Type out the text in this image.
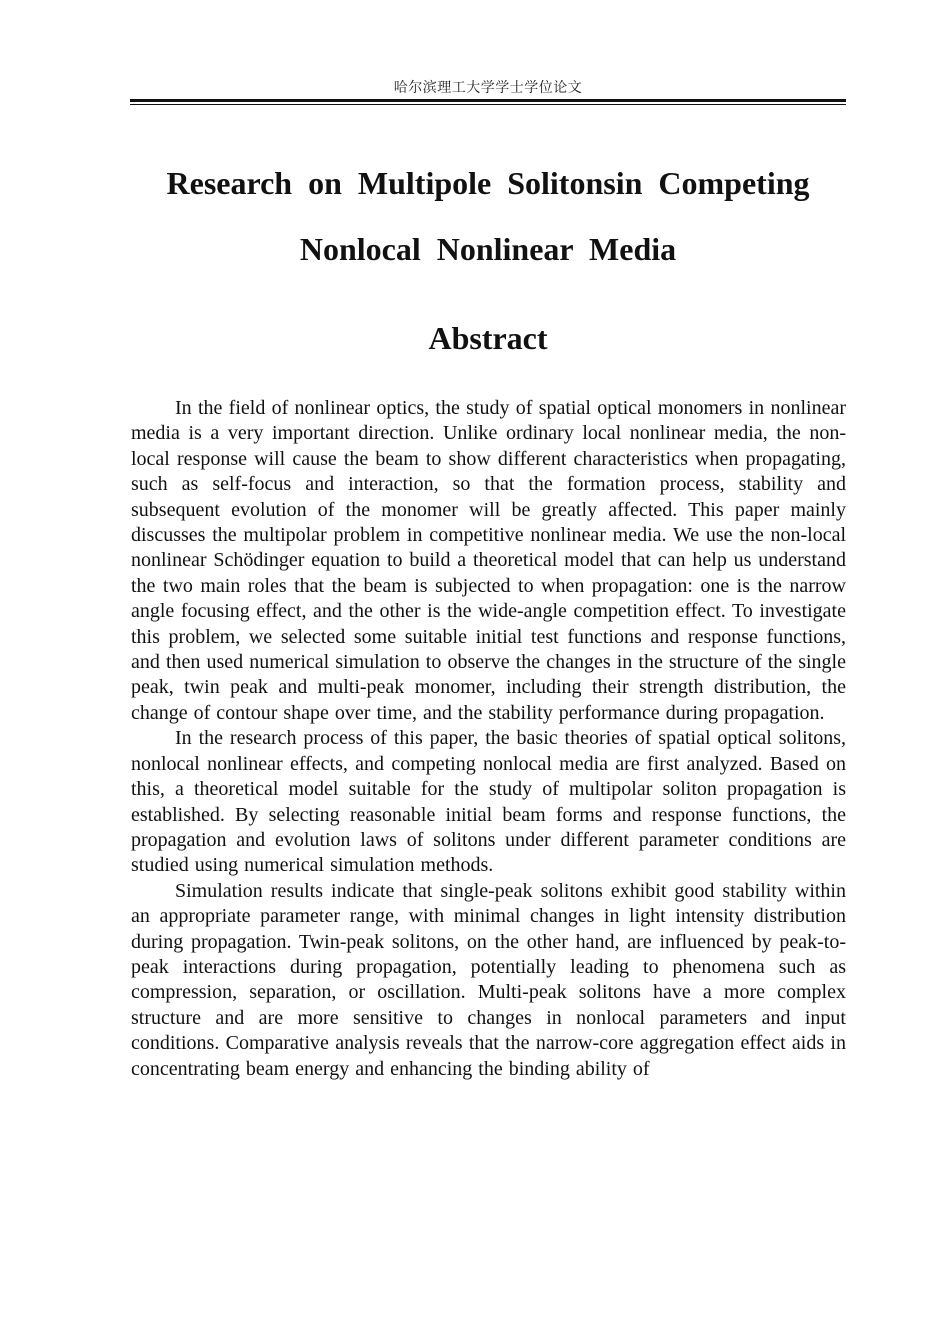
哈尔滨理工大学学士学位论文
Research on Multipole Solitonsin Competing
Nonlocal Nonlinear Media
Abstract

In the field of nonlinear optics, the study of spatial optical monomers in nonlinear media is a very important direction. Unlike ordinary local nonlinear media, the non-local response will cause the beam to show different characteristics when propagating, such as self-focus and interaction, so that the formation process, stability and subsequent evolution of the monomer will be greatly affected. This paper mainly discusses the multipolar problem in competitive nonlinear media. We use the non-local nonlinear Schödinger equation to build a theoretical model that can help us understand the two main roles that the beam is subjected to when propagation: one is the narrow angle focusing effect, and the other is the wide-angle competition effect. To investigate this problem, we selected some suitable initial test functions and response functions, and then used numerical simulation to observe the changes in the structure of the single peak, twin peak and multi-peak monomer, including their strength distribution, the change of contour shape over time, and the stability performance during propagation.

In the research process of this paper, the basic theories of spatial optical solitons, nonlocal nonlinear effects, and competing nonlocal media are first analyzed. Based on this, a theoretical model suitable for the study of multipolar soliton propagation is established. By selecting reasonable initial beam forms and response functions, the propagation and evolution laws of solitons under different parameter conditions are studied using numerical simulation methods.

Simulation results indicate that single-peak solitons exhibit good stability within an appropriate parameter range, with minimal changes in light intensity distribution during propagation. Twin-peak solitons, on the other hand, are influenced by peak-to-peak interactions during propagation, potentially leading to phenomena such as compression, separation, or oscillation. Multi-peak solitons have a more complex structure and are more sensitive to changes in nonlocal parameters and input conditions. Comparative analysis reveals that the narrow-core aggregation effect aids in concentrating beam energy and enhancing the binding ability of
